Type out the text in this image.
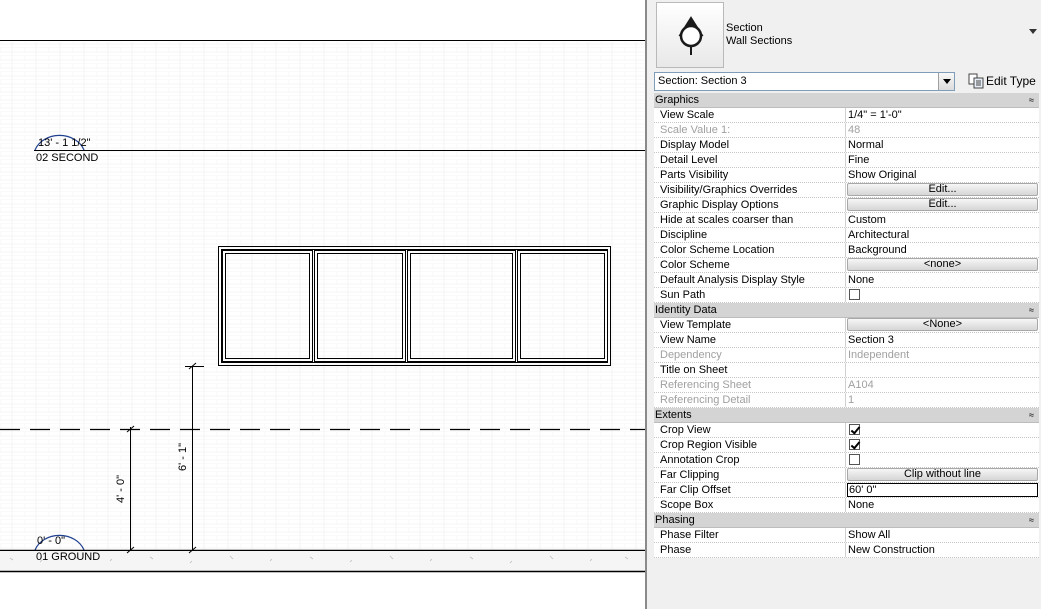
13' - 1 1/2"
02 SECOND
0' - 0"
01 GROUND
6' - 1"
4' - 0"
Section
Wall Sections
Section: Section 3	Edit Type
Graphics	≈
View Scale	1/4" = 1'-0"
Scale Value 1:	48
Display Model	Normal
Detail Level	Fine
Parts Visibility	Show Original
Visibility/Graphics Overrides	Edit...
Graphic Display Options	Edit...
Hide at scales coarser than	Custom
Discipline	Architectural
Color Scheme Location	Background
Color Scheme	<none>
Default Analysis Display Style	None
Sun Path
Identity Data	≈
View Template	<None>
View Name	Section 3
Dependency	Independent
Title on Sheet
Referencing Sheet	A104
Referencing Detail	1
Extents	≈
Crop View
Crop Region Visible
Annotation Crop
Far Clipping	Clip without line
Far Clip Offset	60' 0"
Scope Box	None
Phasing	≈
Phase Filter	Show All
Phase	New Construction
